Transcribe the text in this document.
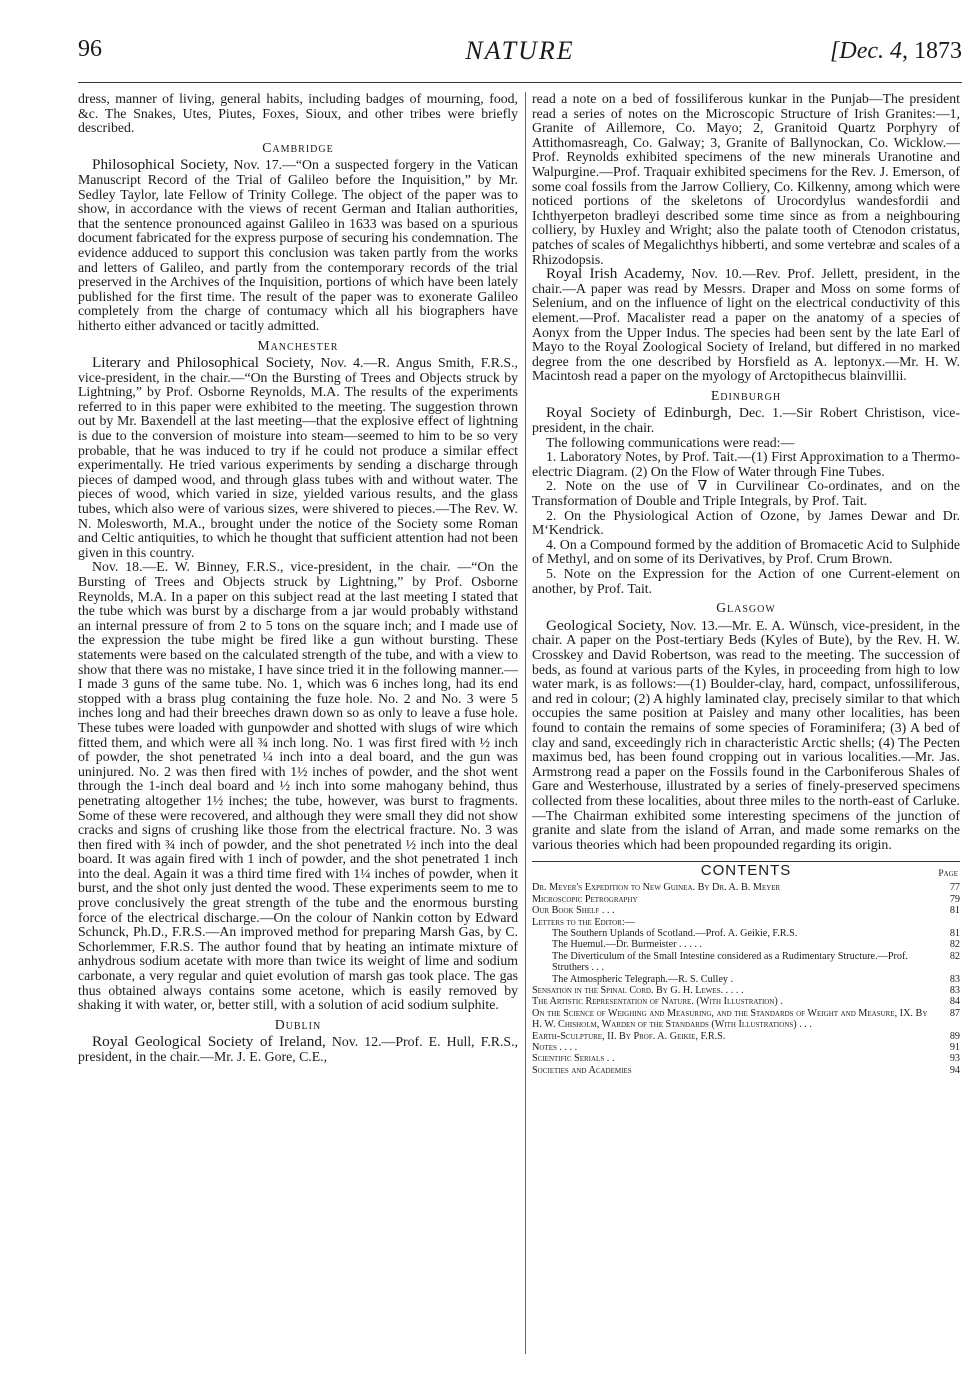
96	NATURE	[Dec. 4, 1873

dress, manner of living, general habits, including badges of mourning, food, &c. The Snakes, Utes, Piutes, Foxes, Sioux, and other tribes were briefly described.

Cambridge

Philosophical Society, Nov. 17.—“On a suspected forgery in the Vatican Manuscript Record of the Trial of Galileo before the Inquisition,” by Mr. Sedley Taylor, late Fellow of Trinity College. The object of the paper was to show, in accordance with the views of recent German and Italian authorities, that the sentence pronounced against Galileo in 1633 was based on a spurious document fabricated for the express purpose of securing his condemnation. The evidence adduced to support this conclusion was taken partly from the works and letters of Galileo, and partly from the contemporary records of the trial preserved in the Archives of the Inquisition, portions of which have been lately published for the first time. The result of the paper was to exonerate Galileo completely from the charge of contumacy which all his biographers have hitherto either advanced or tacitly admitted.

Manchester

Literary and Philosophical Society, Nov. 4.—R. Angus Smith, F.R.S., vice-president, in the chair.—“On the Bursting of Trees and Objects struck by Lightning,” by Prof. Osborne Reynolds, M.A. The results of the experiments referred to in this paper were exhibited to the meeting. The suggestion thrown out by Mr. Baxendell at the last meeting—that the explosive effect of lightning is due to the conversion of moisture into steam—seemed to him to be so very probable, that he was induced to try if he could not produce a similar effect experimentally. He tried various experiments by sending a discharge through pieces of damped wood, and through glass tubes with and without water. The pieces of wood, which varied in size, yielded various results, and the glass tubes, which also were of various sizes, were shivered to pieces.—The Rev. W. N. Molesworth, M.A., brought under the notice of the Society some Roman and Celtic antiquities, to which he thought that sufficient attention had not been given in this country.

Nov. 18.—E. W. Binney, F.R.S., vice-president, in the chair. —“On the Bursting of Trees and Objects struck by Lightning,” by Prof. Osborne Reynolds, M.A. In a paper on this subject read at the last meeting I stated that the tube which was burst by a discharge from a jar would probably withstand an internal pressure of from 2 to 5 tons on the square inch; and I made use of the expression the tube might be fired like a gun without bursting. These statements were based on the calculated strength of the tube, and with a view to show that there was no mistake, I have since tried it in the following manner.—I made 3 guns of the same tube. No. 1, which was 6 inches long, had its end stopped with a brass plug containing the fuze hole. No. 2 and No. 3 were 5 inches long and had their breeches drawn down so as only to leave a fuse hole. These tubes were loaded with gunpowder and shotted with slugs of wire which fitted them, and which were all ¾ inch long. No. 1 was first fired with ½ inch of powder, the shot penetrated ¼ inch into a deal board, and the gun was uninjured. No. 2 was then fired with 1½ inches of powder, and the shot went through the 1-inch deal board and ½ inch into some mahogany behind, thus penetrating altogether 1½ inches; the tube, however, was burst to fragments. Some of these were recovered, and although they were small they did not show cracks and signs of crushing like those from the electrical fracture. No. 3 was then fired with ¾ inch of powder, and the shot penetrated ½ inch into the deal board. It was again fired with 1 inch of powder, and the shot penetrated 1 inch into the deal. Again it was a third time fired with 1¼ inches of powder, when it burst, and the shot only just dented the wood. These experiments seem to me to prove conclusively the great strength of the tube and the enormous bursting force of the electrical discharge.—On the colour of Nankin cotton by Edward Schunck, Ph.D., F.R.S.—An improved method for preparing Marsh Gas, by C. Schorlemmer, F.R.S. The author found that by heating an intimate mixture of anhydrous sodium acetate with more than twice its weight of lime and sodium carbonate, a very regular and quiet evolution of marsh gas took place. The gas thus obtained always contains some acetone, which is easily removed by shaking it with water, or, better still, with a solution of acid sodium sulphite.

Dublin

Royal Geological Society of Ireland, Nov. 12.—Prof. E. Hull, F.R.S., president, in the chair.—Mr. J. E. Gore, C.E.,

read a note on a bed of fossiliferous kunkar in the Punjab—The president read a series of notes on the Microscopic Structure of Irish Granites:—1, Granite of Aillemore, Co. Mayo; 2, Granitoid Quartz Porphyry of Attithomasreagh, Co. Galway; 3, Granite of Ballynockan, Co. Wicklow.—Prof. Reynolds exhibited specimens of the new minerals Uranotine and Walpurgine.—Prof. Traquair exhibited specimens for the Rev. J. Emerson, of some coal fossils from the Jarrow Colliery, Co. Kilkenny, among which were noticed portions of the skeletons of Urocordylus wandesfordii and Ichthyerpeton bradleyi described some time since as from a neighbouring colliery, by Huxley and Wright; also the palate tooth of Ctenodon cristatus, patches of scales of Megalichthys hibberti, and some vertebræ and scales of a Rhizodopsis.

Royal Irish Academy, Nov. 10.—Rev. Prof. Jellett, president, in the chair.—A paper was read by Messrs. Draper and Moss on some forms of Selenium, and on the influence of light on the electrical conductivity of this element.—Prof. Macalister read a paper on the anatomy of a species of Aonyx from the Upper Indus. The species had been sent by the late Earl of Mayo to the Royal Zoological Society of Ireland, but differed in no marked degree from the one described by Horsfield as A. leptonyx.—Mr. H. W. Macintosh read a paper on the myology of Arctopithecus blainvillii.

Edinburgh

Royal Society of Edinburgh, Dec. 1.—Sir Robert Christison, vice-president, in the chair.

The following communications were read:—

1. Laboratory Notes, by Prof. Tait.—(1) First Approximation to a Thermo-electric Diagram. (2) On the Flow of Water through Fine Tubes.

2. Note on the use of ∇ in Curvilinear Co-ordinates, and on the Transformation of Double and Triple Integrals, by Prof. Tait.

2. On the Physiological Action of Ozone, by James Dewar and Dr. M‘Kendrick.

4. On a Compound formed by the addition of Bromacetic Acid to Sulphide of Methyl, and on some of its Derivatives, by Prof. Crum Brown.

5. Note on the Expression for the Action of one Current-element on another, by Prof. Tait.

Glasgow

Geological Society, Nov. 13.—Mr. E. A. Wünsch, vice-president, in the chair. A paper on the Post-tertiary Beds (Kyles of Bute), by the Rev. H. W. Crosskey and David Robertson, was read to the meeting. The succession of beds, as found at various parts of the Kyles, in proceeding from high to low water mark, is as follows:—(1) Boulder-clay, hard, compact, unfossiliferous, and red in colour; (2) A highly laminated clay, precisely similar to that which occupies the same position at Paisley and many other localities, has been found to contain the remains of some species of Foraminifera; (3) A bed of clay and sand, exceedingly rich in characteristic Arctic shells; (4) The Pecten maximus bed, has been found cropping out in various localities.—Mr. Jas. Armstrong read a paper on the Fossils found in the Carboniferous Shales of Gare and Westerhouse, illustrated by a series of finely-preserved specimens collected from these localities, about three miles to the north-east of Carluke.—The Chairman exhibited some interesting specimens of the junction of granite and slate from the island of Arran, and made some remarks on the various theories which had been propounded regarding its origin.

CONTENTS	Page
Dr. Meyer's Expedition to New Guinea. By Dr. A. B. Meyer	77
Microscopic Petrography	79
Our Book Shelf . . .	81
Letters to the Editor:—
The Southern Uplands of Scotland.—Prof. A. Geikie, F.R.S.	81
The Huemul.—Dr. Burmeister . . . . .	82
The Diverticulum of the Small Intestine considered as a Rudimentary Structure.—Prof. Struthers . . .
82
The Atmospheric Telegraph.—R. S. Culley .	83
Sensation in the Spinal Cord. By G. H. Lewes. . . . .	83
The Artistic Representation of Nature. (With Illustration) .	84
On the Science of Weighing and Measuring, and the Standards of Weight and Measure, IX. By H. W. Chisholm, Warden of the Standards (With Illustrations) . . .
87
Earth-Sculpture, II. By Prof. A. Geikie, F.R.S.	89
Notes . . . .	91
Scientific Serials . .	93
Societies and Academies	94
